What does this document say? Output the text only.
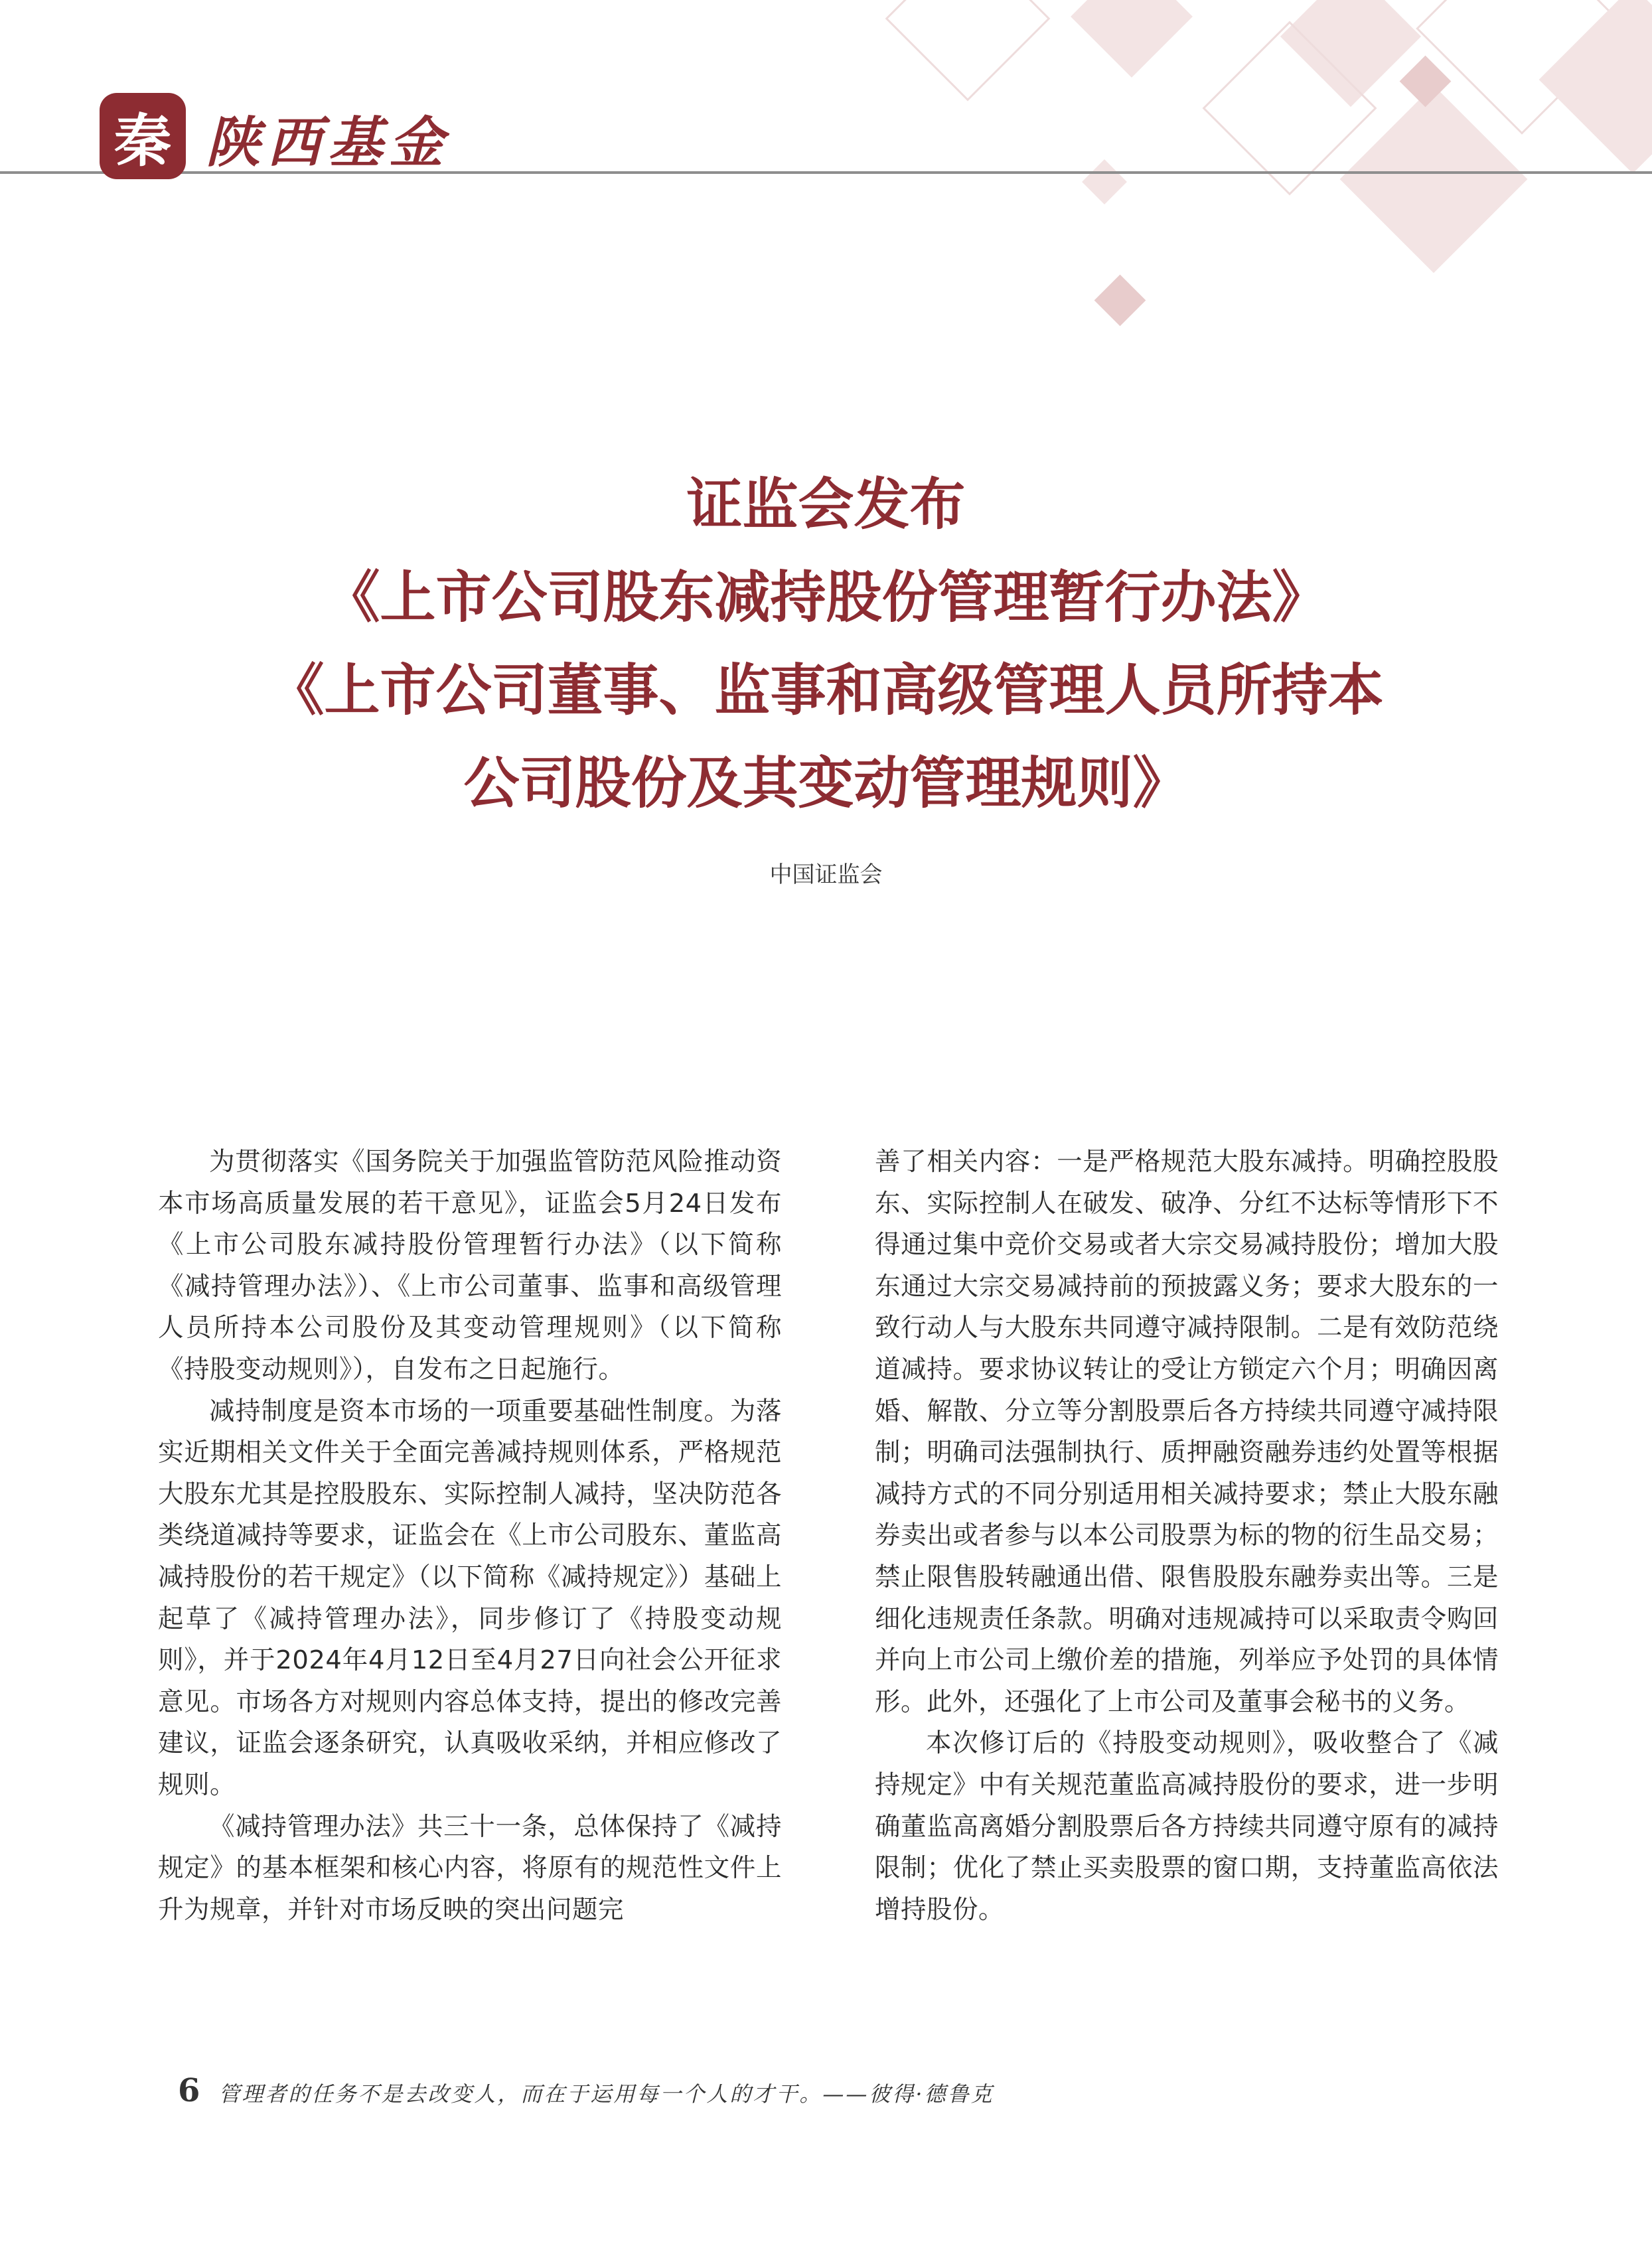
秦 陕西基金
证监会发布
《上市公司股东减持股份管理暂行办法》
《上市公司董事、监事和高级管理人员所持本
公司股份及其变动管理规则》
中国证监会

为贯彻落实《国务院关于加强监管防范风险推动资本市场高质量发展的若干意见》，证监会5月24日发布《上市公司股东减持股份管理暂行办法》（以下简称《减持管理办法》）、《上市公司董事、监事和高级管理人员所持本公司股份及其变动管理规则》（以下简称《持股变动规则》），自发布之日起施行。

减持制度是资本市场的一项重要基础性制度。为落实近期相关文件关于全面完善减持规则体系，严格规范大股东尤其是控股股东、实际控制人减持，坚决防范各类绕道减持等要求，证监会在《上市公司股东、董监高减持股份的若干规定》（以下简称《减持规定》）基础上起草了《减持管理办法》，同步修订了《持股变动规则》，并于2024年4月12日至4月27日向社会公开征求意见。市场各方对规则内容总体支持，提出的修改完善建议，证监会逐条研究，认真吸收采纳，并相应修改了规则。

《减持管理办法》共三十一条，总体保持了《减持规定》的基本框架和核心内容，将原有的规范性文件上升为规章，并针对市场反映的突出问题完

善了相关内容：一是严格规范大股东减持。明确控股股东、实际控制人在破发、破净、分红不达标等情形下不得通过集中竞价交易或者大宗交易减持股份；增加大股东通过大宗交易减持前的预披露义务；要求大股东的一致行动人与大股东共同遵守减持限制。二是有效防范绕道减持。要求协议转让的受让方锁定六个月；明确因离婚、解散、分立等分割股票后各方持续共同遵守减持限制；明确司法强制执行、质押融资融券违约处置等根据减持方式的不同分别适用相关减持要求；禁止大股东融券卖出或者参与以本公司股票为标的物的衍生品交易；禁止限售股转融通出借、限售股股东融券卖出等。三是细化违规责任条款。明确对违规减持可以采取责令购回并向上市公司上缴价差的措施，列举应予处罚的具体情形。此外，还强化了上市公司及董事会秘书的义务。

本次修订后的《持股变动规则》，吸收整合了《减持规定》中有关规范董监高减持股份的要求，进一步明确董监高离婚分割股票后各方持续共同遵守原有的减持限制；优化了禁止买卖股票的窗口期，支持董监高依法增持股份。

6 管理者的任务不是去改变人，而在于运用每一个人的才干。——彼得·德鲁克
